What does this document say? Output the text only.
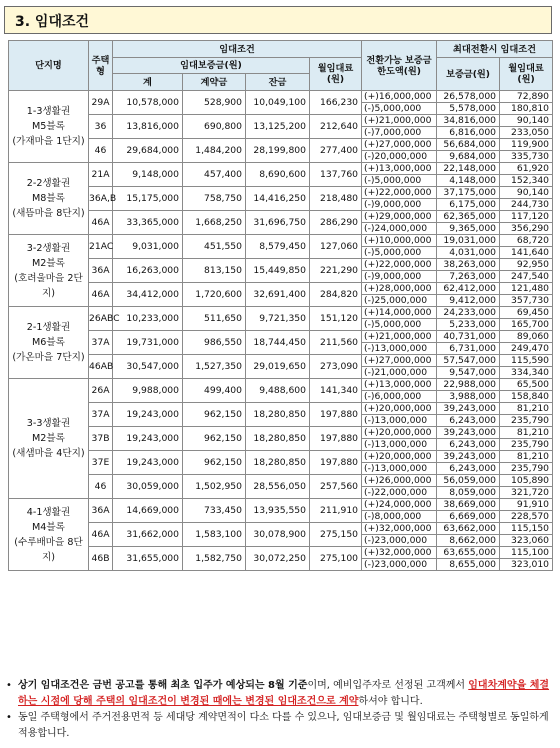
3. 임대조건
단지명	주택형	임대조건				전환가능 보증금 한도액(원)	최대전환시 임대조건	
		임대보증금(원)			월임대료(원)		보증금(원)	월임대료(원)
		계	계약금	잔금				

1-3생활권
M5블록
(가재마을 1단지)	29A	10,578,000	528,900	10,049,100	166,230	(+)16,000,000	26,578,000	72,890
						(-)5,000,000	5,578,000	180,810
	36	13,816,000	690,800	13,125,200	212,640	(+)21,000,000	34,816,000	90,140
						(-)7,000,000	6,816,000	233,050
	46	29,684,000	1,484,200	28,199,800	277,400	(+)27,000,000	56,684,000	119,900
						(-)20,000,000	9,684,000	335,730

2-2생활권
M8블록
(새뜸마을 8단지)	21A	9,148,000	457,400	8,690,600	137,760	(+)13,000,000	22,148,000	61,920
						(-)5,000,000	4,148,000	152,340
	36A,B	15,175,000	758,750	14,416,250	218,480	(+)22,000,000	37,175,000	90,140
						(-)9,000,000	6,175,000	244,730
	46A	33,365,000	1,668,250	31,696,750	286,290	(+)29,000,000	62,365,000	117,120
						(-)24,000,000	9,365,000	356,290

3-2생활권
M2블록
(호려울마을 2단지)	21AC	9,031,000	451,550	8,579,450	127,060	(+)10,000,000	19,031,000	68,720
						(-)5,000,000	4,031,000	141,640
	36A	16,263,000	813,150	15,449,850	221,290	(+)22,000,000	38,263,000	92,950
						(-)9,000,000	7,263,000	247,540
	46A	34,412,000	1,720,600	32,691,400	284,820	(+)28,000,000	62,412,000	121,480
						(-)25,000,000	9,412,000	357,730

2-1생활권
M6블록
(가온마을 7단지)	26ABC	10,233,000	511,650	9,721,350	151,120	(+)14,000,000	24,233,000	69,450
						(-)5,000,000	5,233,000	165,700
	37A	19,731,000	986,550	18,744,450	211,560	(+)21,000,000	40,731,000	89,060
						(-)13,000,000	6,731,000	249,470
	46AB	30,547,000	1,527,350	29,019,650	273,090	(+)27,000,000	57,547,000	115,590
						(-)21,000,000	9,547,000	334,340

3-3생활권
M2블록
(새샘마을 4단지)	26A	9,988,000	499,400	9,488,600	141,340	(+)13,000,000	22,988,000	65,500
						(-)6,000,000	3,988,000	158,840
	37A	19,243,000	962,150	18,280,850	197,880	(+)20,000,000	39,243,000	81,210
						(-)13,000,000	6,243,000	235,790
	37B	19,243,000	962,150	18,280,850	197,880	(+)20,000,000	39,243,000	81,210
						(-)13,000,000	6,243,000	235,790
	37E	19,243,000	962,150	18,280,850	197,880	(+)20,000,000	39,243,000	81,210
						(-)13,000,000	6,243,000	235,790
	46	30,059,000	1,502,950	28,556,050	257,560	(+)26,000,000	56,059,000	105,890
						(-)22,000,000	8,059,000	321,720

4-1생활권
M4블록
(수루배마을 8단지)	36A	14,669,000	733,450	13,935,550	211,910	(+)24,000,000	38,669,000	91,910
						(-)8,000,000	6,669,000	228,570
	46A	31,662,000	1,583,100	30,078,900	275,150	(+)32,000,000	63,662,000	115,150
						(-)23,000,000	8,662,000	323,060
	46B	31,655,000	1,582,750	30,072,250	275,100	(+)32,000,000	63,655,000	115,100
						(-)23,000,000	8,655,000	323,010
• 상기 임대조건은 금번 공고를 통해 최초 입주가 예상되는 8월 기준이며, 예비입주자로 선정된 고객께서 임대차계약을 체결하는 시점에 당해 주택의 임대조건이 변경된 때에는 변경된 임대조건으로 계약하셔야 합니다.
• 동일 주택형에서 주거전용면적 등 세대당 계약면적이 다소 다를 수 있으나, 임대보증금 및 월임대료는 주택형별로 동일하게 적용합니다.
